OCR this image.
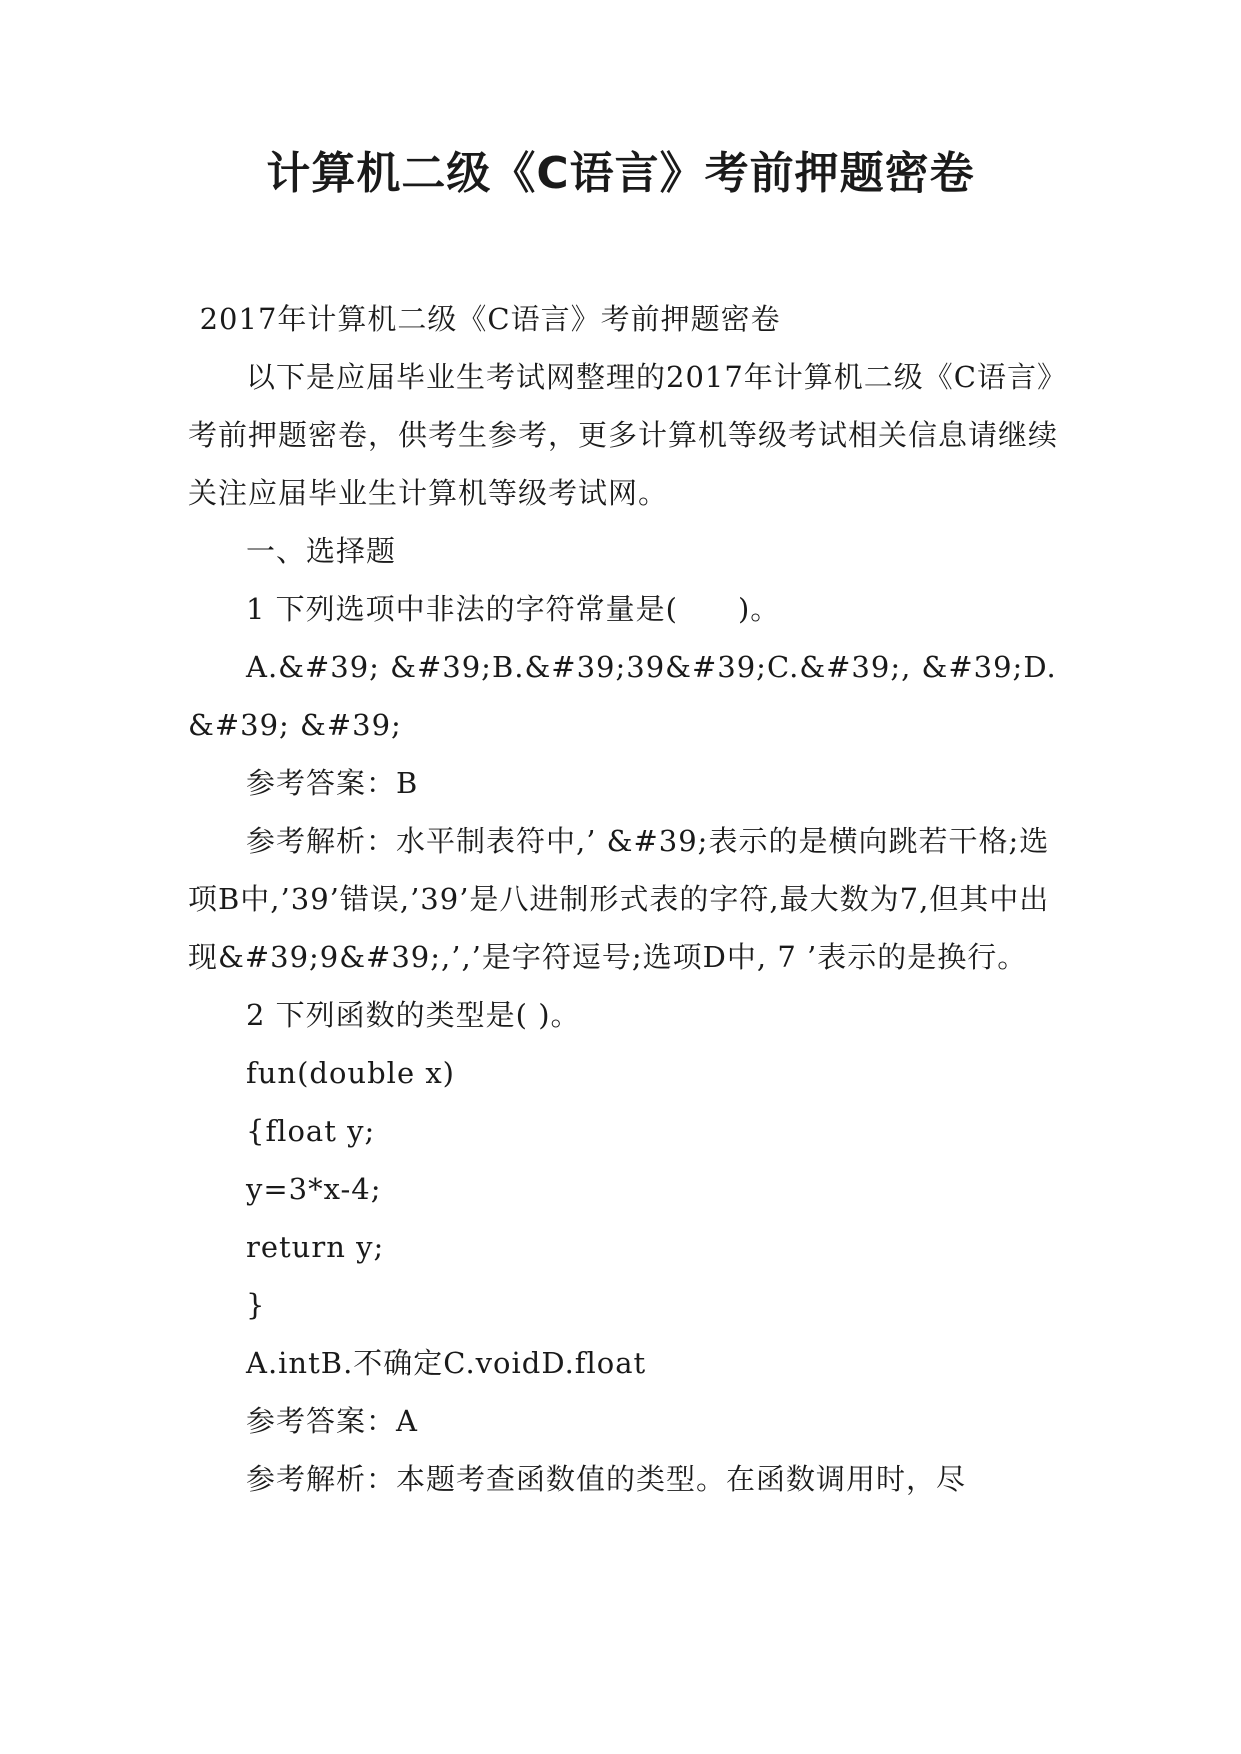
计算机二级《C语言》考前押题密卷

2017年计算机二级《C语言》考前押题密卷

以下是应届毕业生考试网整理的2017年计算机二级《C语言》考前押题密卷，供考生参考，更多计算机等级考试相关信息请继续关注应届毕业生计算机等级考试网。

一、选择题

1 下列选项中非法的字符常量是(　　)。

A.&#39; &#39;B.&#39;39&#39;C.&#39;, &#39;D.&#39; &#39;

参考答案：B

参考解析：水平制表符中,’ &#39;表示的是横向跳若干格;选项B中,’39’错误,’39’是八进制形式表的字符,最大数为7,但其中出现&#39;9&#39;,’,’是字符逗号;选项D中, 7 ’表示的是换行。

2 下列函数的类型是( )。

fun(double x)

{float y;

y=3*x-4;

return y;

}

A.intB.不确定C.voidD.float

参考答案：A

参考解析：本题考查函数值的类型。在函数调用时，尽
